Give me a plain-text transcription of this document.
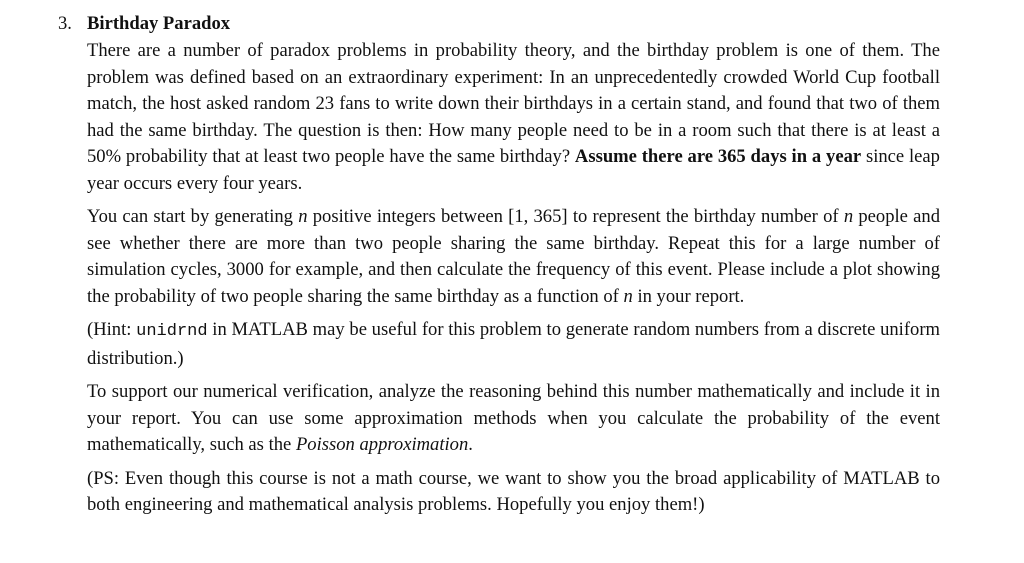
3. Birthday Paradox

There are a number of paradox problems in probability theory, and the birthday problem is one of them. The problem was defined based on an extraordinary experiment: In an unprecedentedly crowded World Cup football match, the host asked random 23 fans to write down their birthdays in a certain stand, and found that two of them had the same birthday. The question is then: How many people need to be in a room such that there is at least a 50% probability that at least two people have the same birthday? Assume there are 365 days in a year since leap year occurs every four years.

You can start by generating n positive integers between [1, 365] to represent the birthday number of n people and see whether there are more than two people sharing the same birthday. Repeat this for a large number of simulation cycles, 3000 for example, and then calculate the frequency of this event. Please include a plot showing the probability of two people sharing the same birthday as a function of n in your report.

(Hint: unidrnd in MATLAB may be useful for this problem to generate random numbers from a discrete uniform distribution.)

To support our numerical verification, analyze the reasoning behind this number mathematically and include it in your report. You can use some approximation methods when you calculate the probability of the event mathematically, such as the Poisson approximation.

(PS: Even though this course is not a math course, we want to show you the broad applicability of MATLAB to both engineering and mathematical analysis problems. Hopefully you enjoy them!)
